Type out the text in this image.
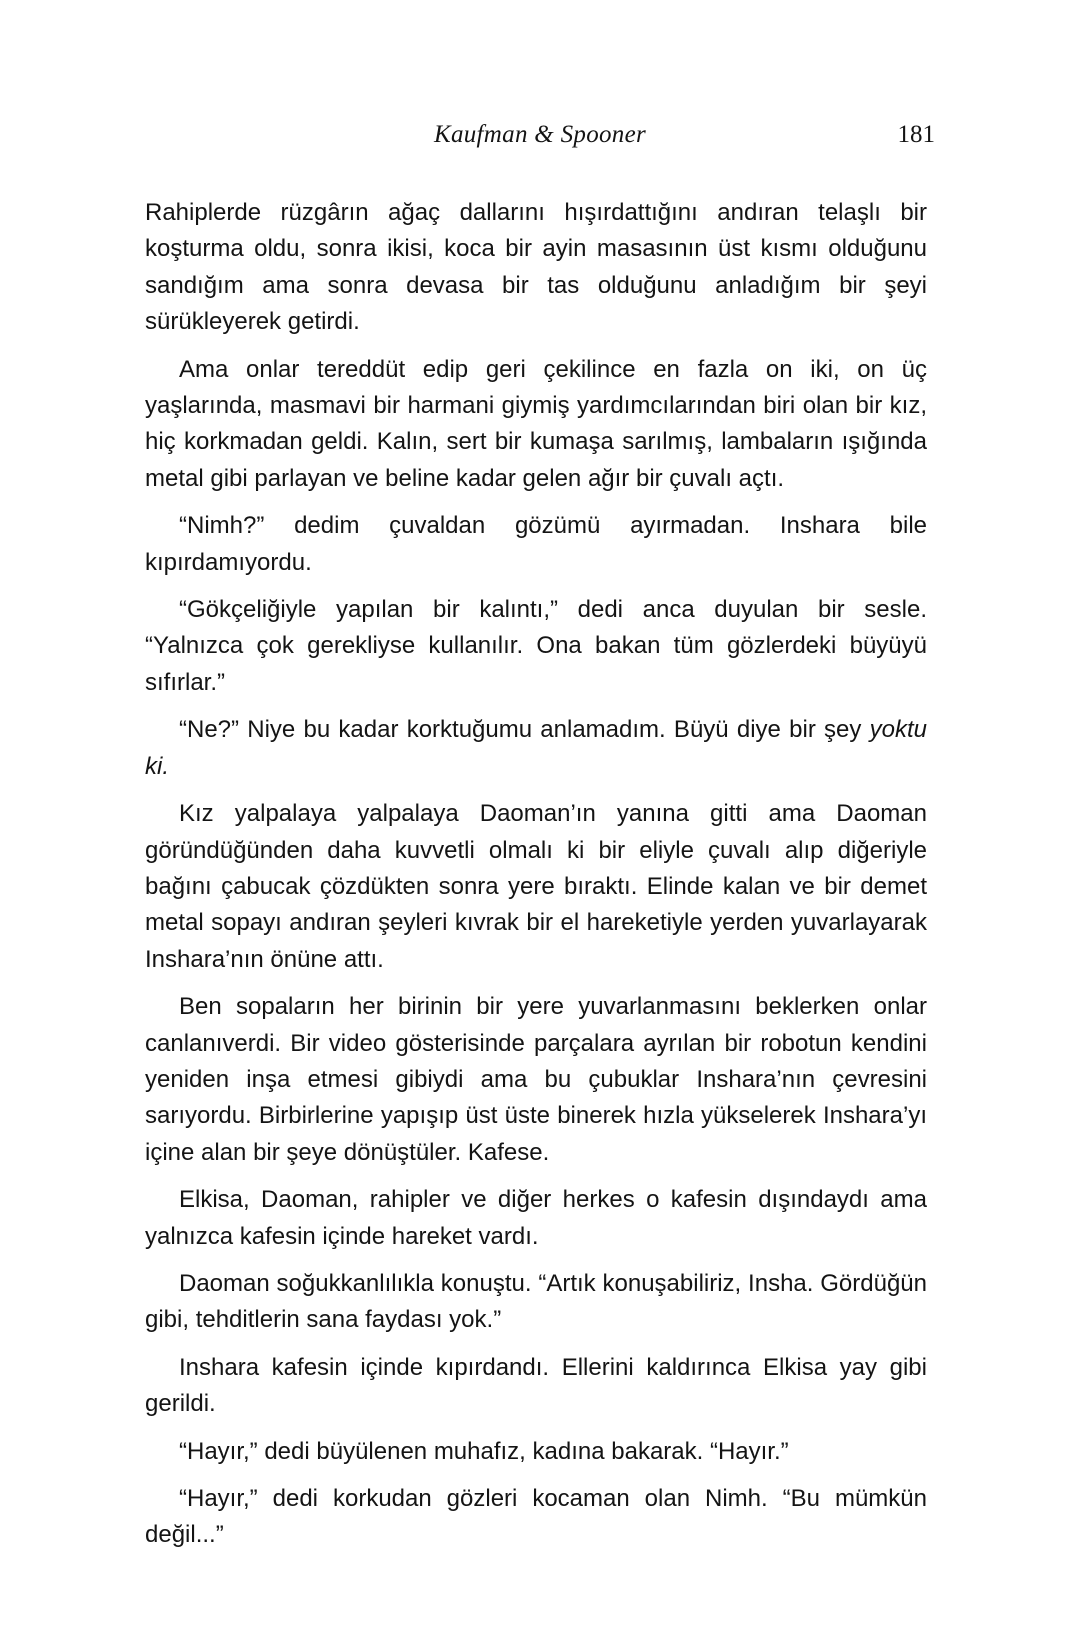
Kaufman & Spooner	181

Rahiplerde rüzgârın ağaç dallarını hışırdattığını andıran telaşlı bir koşturma oldu, sonra ikisi, koca bir ayin masasının üst kısmı olduğunu sandığım ama sonra devasa bir tas olduğunu anladığım bir şeyi sürükleyerek getirdi.

Ama onlar tereddüt edip geri çekilince en fazla on iki, on üç yaşlarında, masmavi bir harmani giymiş yardımcılarından biri olan bir kız, hiç korkmadan geldi. Kalın, sert bir kumaşa sarılmış, lambaların ışığında metal gibi parlayan ve beline kadar gelen ağır bir çuvalı açtı.

“Nimh?” dedim çuvaldan gözümü ayırmadan. Inshara bile kıpırdamıyordu.

“Gökçeliğiyle yapılan bir kalıntı,” dedi anca duyulan bir sesle. “Yalnızca çok gerekliyse kullanılır. Ona bakan tüm gözlerdeki büyüyü sıfırlar.”

“Ne?” Niye bu kadar korktuğumu anlamadım. Büyü diye bir şey yoktu ki.

Kız yalpalaya yalpalaya Daoman’ın yanına gitti ama Daoman göründüğünden daha kuvvetli olmalı ki bir eliyle çuvalı alıp diğeriyle bağını çabucak çözdükten sonra yere bıraktı. Elinde kalan ve bir demet metal sopayı andıran şeyleri kıvrak bir el hareketiyle yerden yuvarlayarak Inshara’nın önüne attı.

Ben sopaların her birinin bir yere yuvarlanmasını beklerken onlar canlanıverdi. Bir video gösterisinde parçalara ayrılan bir robotun kendini yeniden inşa etmesi gibiydi ama bu çubuklar Inshara’nın çevresini sarıyordu. Birbirlerine yapışıp üst üste binerek hızla yükselerek Inshara’yı içine alan bir şeye dönüştüler. Kafese.

Elkisa, Daoman, rahipler ve diğer herkes o kafesin dışındaydı ama yalnızca kafesin içinde hareket vardı.

Daoman soğukkanlılıkla konuştu. “Artık konuşabiliriz, Insha. Gördüğün gibi, tehditlerin sana faydası yok.”

Inshara kafesin içinde kıpırdandı. Ellerini kaldırınca Elkisa yay gibi gerildi.

“Hayır,” dedi büyülenen muhafız, kadına bakarak. “Hayır.”

“Hayır,” dedi korkudan gözleri kocaman olan Nimh. “Bu mümkün değil...”
